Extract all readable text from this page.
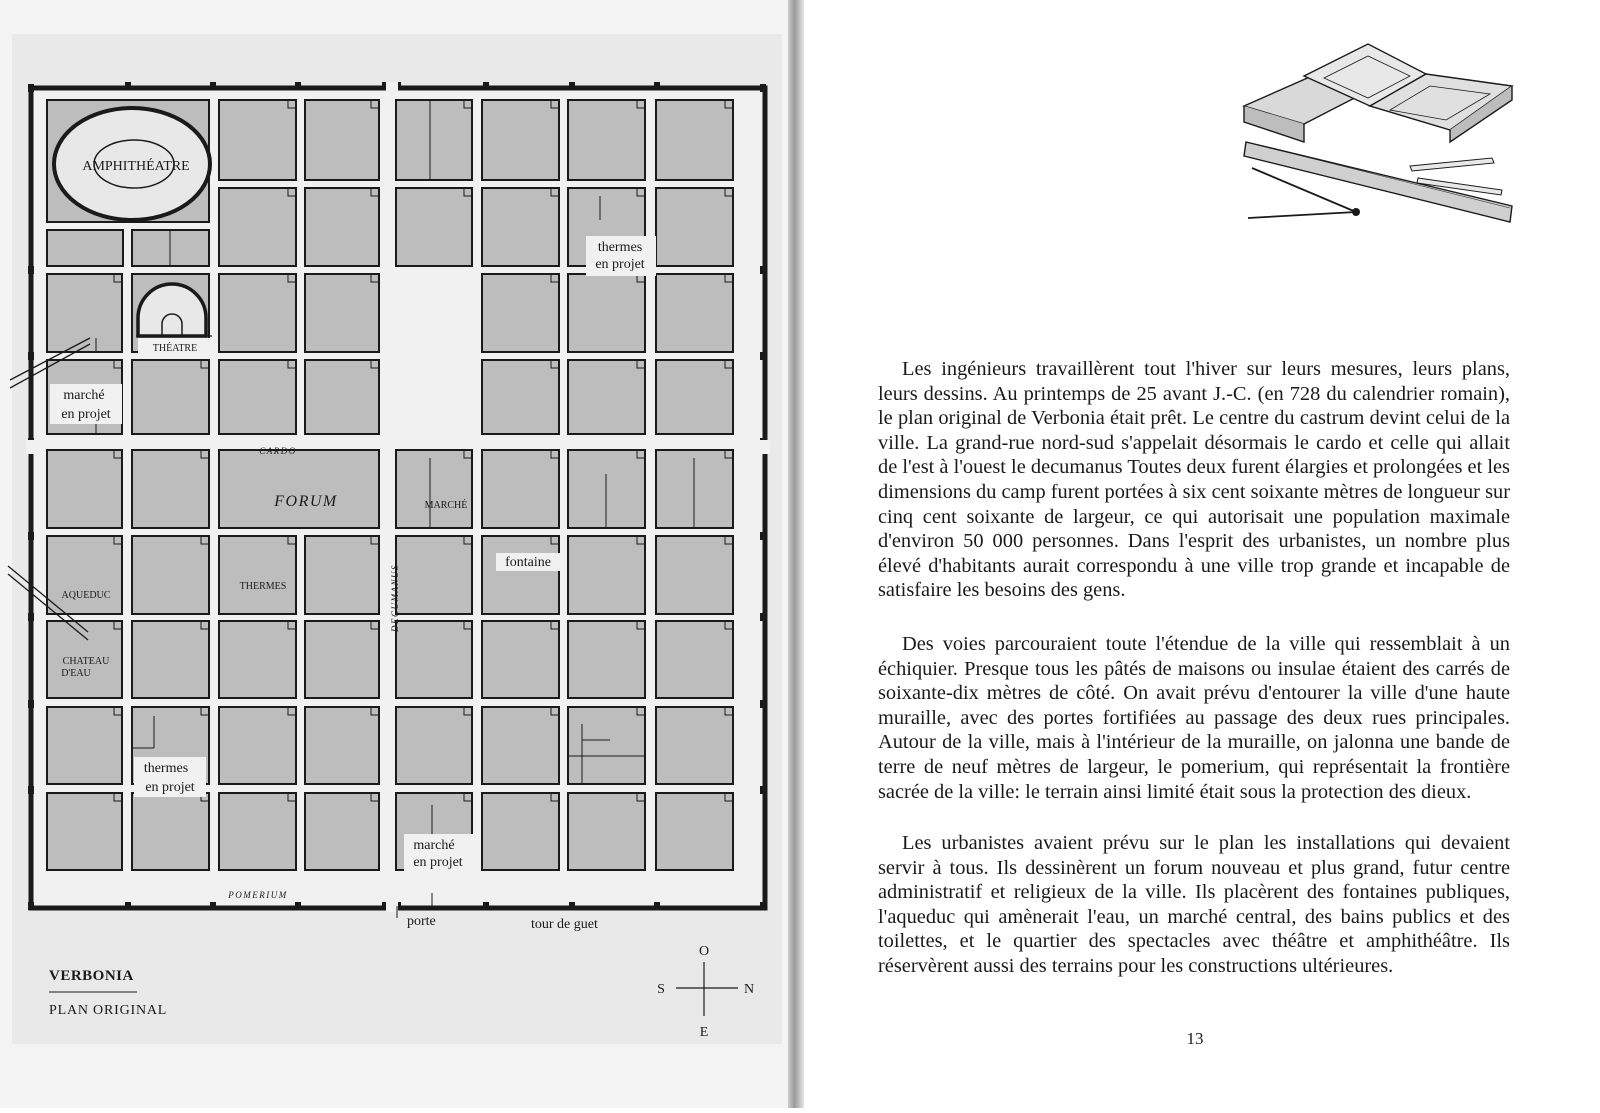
AMPHITHÉATRE
THÉATRE
thermes
en projet
marché
en projet
CARDO
DECUMANUS
POMERIUM
FORUM	MARCHÉ
fontaine
THERMES
AQUEDUC
CHATEAU
D'EAU
thermes
en projet
marché
en projet
porte	tour de guet
VERBONIA
PLAN ORIGINAL
O
S	N
E

Les ingénieurs travaillèrent tout l'hiver sur leurs mesures, leurs plans, leurs dessins. Au printemps de 25 avant J.-C. (en 728 du calendrier romain), le plan original de Verbonia était prêt. Le centre du castrum devint celui de la ville. La grand-rue nord-sud s'appelait désormais le cardo et celle qui allait de l'est à l'ouest le decumanus Toutes deux furent élargies et prolongées et les dimensions du camp furent portées à six cent soixante mètres de longueur sur cinq cent soixante de largeur, ce qui autorisait une population maximale d'environ 50 000 personnes. Dans l'esprit des urbanistes, un nombre plus élevé d'habitants aurait correspondu à une ville trop grande et incapable de satisfaire les besoins des gens.

Des voies parcouraient toute l'étendue de la ville qui ressemblait à un échiquier. Presque tous les pâtés de maisons ou insulae étaient des carrés de soixante-dix mètres de côté. On avait prévu d'entourer la ville d'une haute muraille, avec des portes fortifiées au passage des deux rues principales. Autour de la ville, mais à l'intérieur de la muraille, on jalonna une bande de terre de neuf mètres de largeur, le pomerium, qui représentait la frontière sacrée de la ville: le terrain ainsi limité était sous la protection des dieux.

Les urbanistes avaient prévu sur le plan les installations qui devaient servir à tous. Ils dessinèrent un forum nouveau et plus grand, futur centre administratif et religieux de la ville. Ils placèrent des fontaines publiques, l'aqueduc qui amènerait l'eau, un marché central, des bains publics et des toilettes, et le quartier des spectacles avec théâtre et amphithéâtre. Ils réservèrent aussi des terrains pour les constructions ultérieures.

13
